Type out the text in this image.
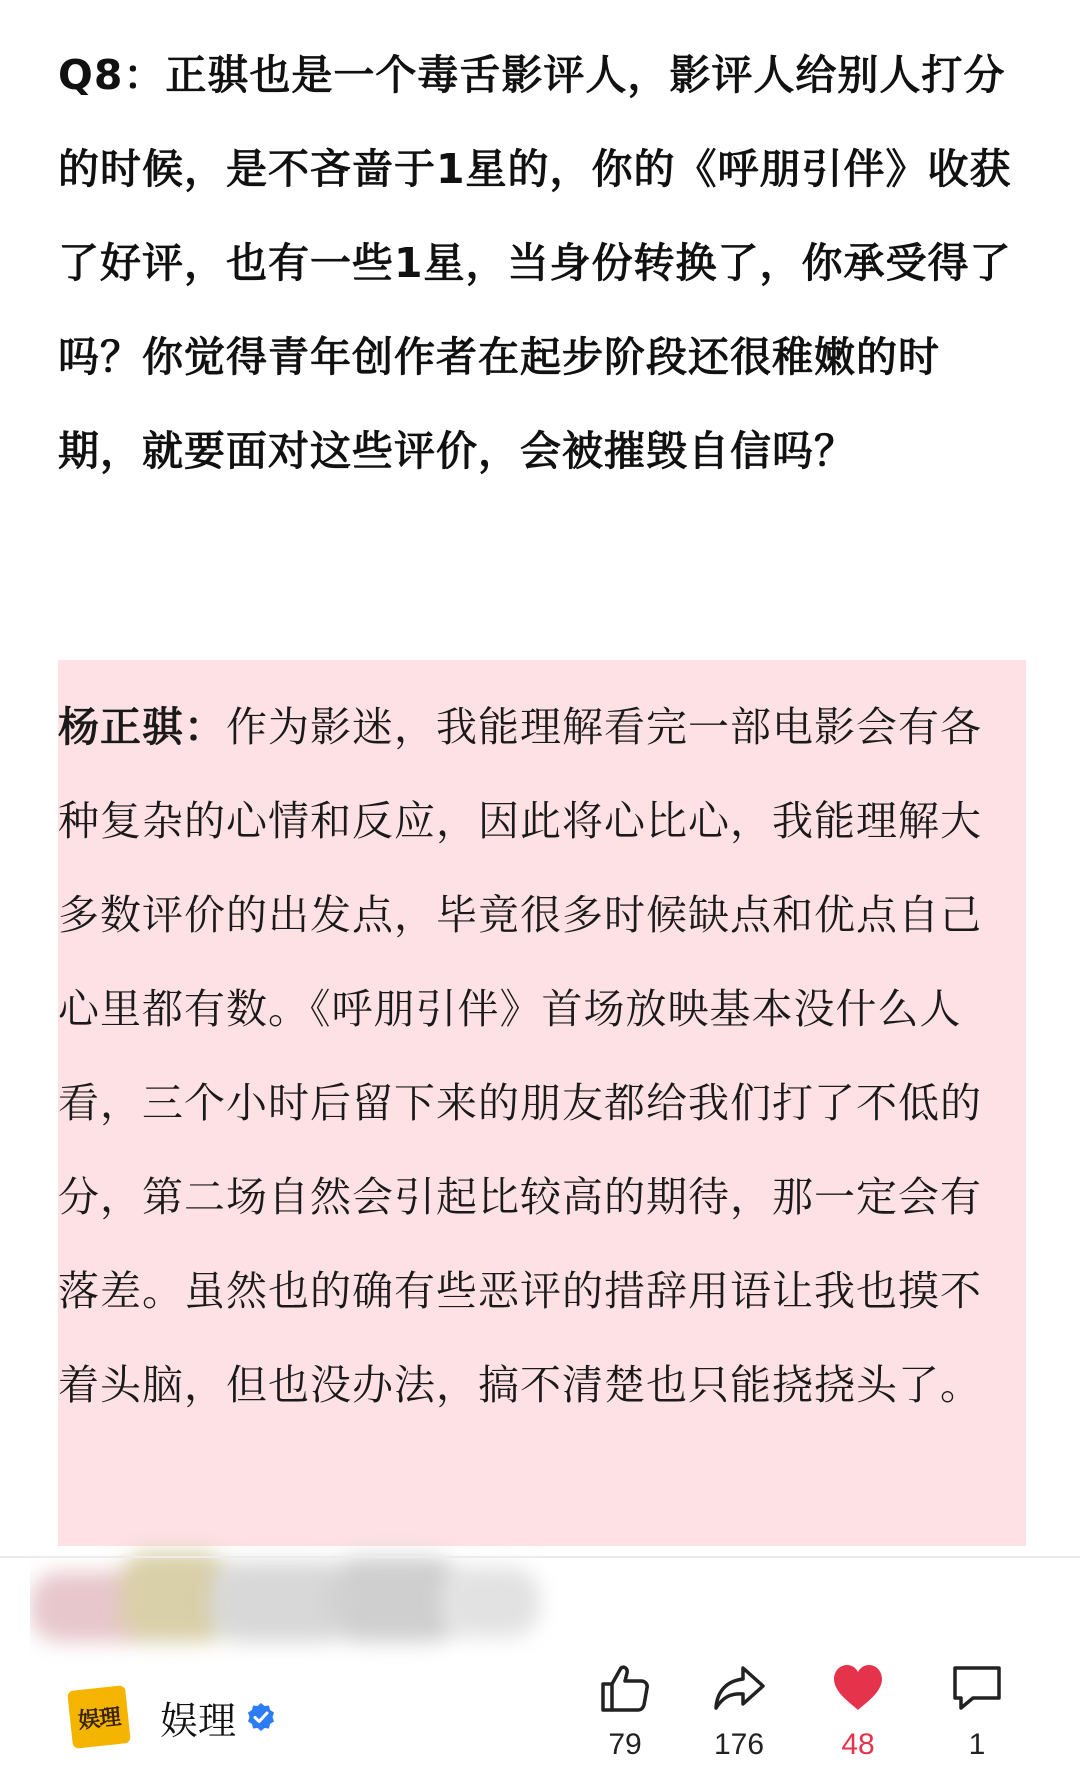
Q8：正骐也是一个毒舌影评人，影评人给别人打分的时候，是不吝啬于1星的，你的《呼朋引伴》收获了好评，也有一些1星，当身份转换了，你承受得了吗？你觉得青年创作者在起步阶段还很稚嫩的时期，就要面对这些评价，会被摧毁自信吗？

杨正骐：作为影迷，我能理解看完一部电影会有各种复杂的心情和反应，因此将心比心，我能理解大多数评价的出发点，毕竟很多时候缺点和优点自己心里都有数。《呼朋引伴》首场放映基本没什么人看，三个小时后留下来的朋友都给我们打了不低的分，第二场自然会引起比较高的期待，那一定会有落差。虽然也的确有些恶评的措辞用语让我也摸不着头脑，但也没办法，搞不清楚也只能挠挠头了。

娱理 娱理
79	176	48	1
